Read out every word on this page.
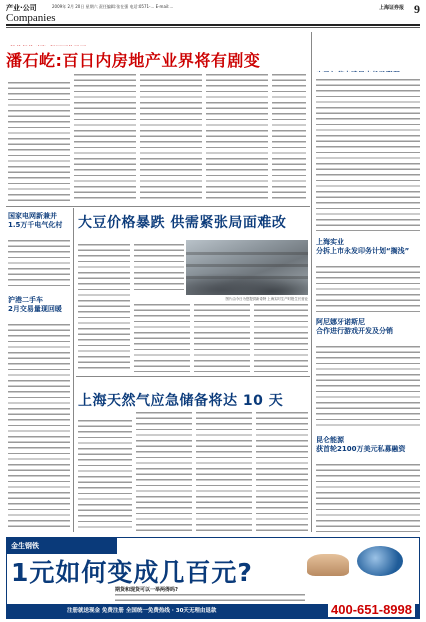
产业·公司	2009年 2月 20日 星期六 责任编辑:张在强 电话:0571-... E-mail:...	上海证券报 9
Companies
潘石屹:百日内房地产业界将有剧变
上海实业
分拆上市永发印务计划“搁浅”
阿尼娜牙诺斯尼
合作进行游戏开发及分销
昆仑能源
获首轮2100万美元私募融资
国家电网新兼并
1.5万千电气化村
沪港二手车
2月交易量现回暖
大豆价格暴跌 供需紧张局面难改
图片由今日为您提供新奇特 上海实时生产时报生长营业
上海天然气应急储备将达 10 天
金生钢铁
1元如何变成几百元?
期货和现货可以一举两得吗?
注册就送现金 免费注册 全国统一免费热线 · 30天无理由退款	400-651-8998
